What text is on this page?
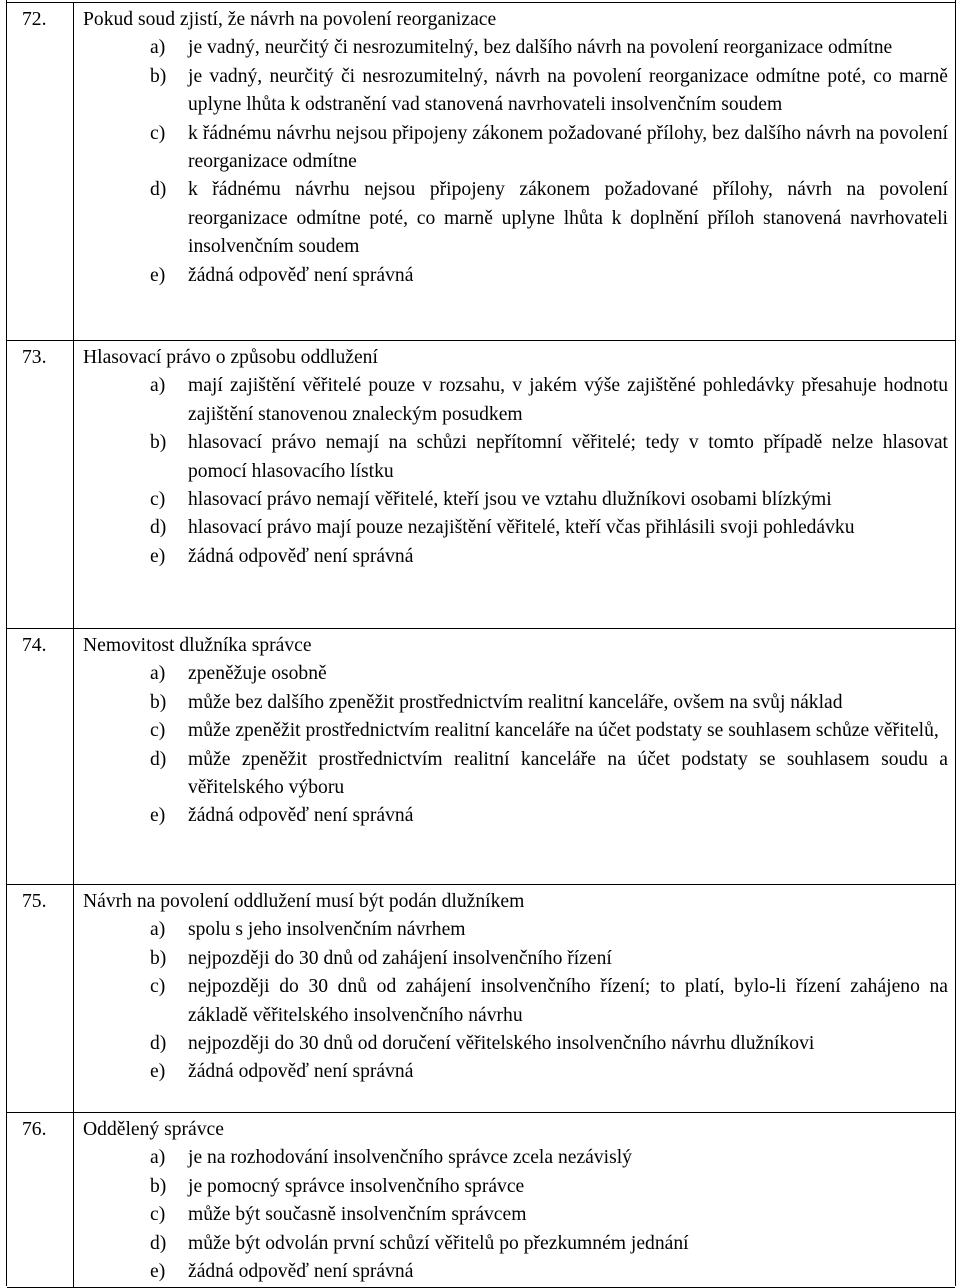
72. Pokud soud zjistí, že návrh na povolení reorganizace
a)	je vadný, neurčitý či nesrozumitelný, bez dalšího návrh na povolení reorganizace odmítne
b)	je vadný, neurčitý či nesrozumitelný, návrh na povolení reorganizace odmítne poté, co marně uplyne lhůta k odstranění vad stanovená navrhovateli insolvenčním soudem
c)	k řádnému návrhu nejsou připojeny zákonem požadované přílohy, bez dalšího návrh na povolení reorganizace odmítne
d)	k řádnému návrhu nejsou připojeny zákonem požadované přílohy, návrh na povolení reorganizace odmítne poté, co marně uplyne lhůta k doplnění příloh stanovená navrhovateli insolvenčním soudem
e)	žádná odpověď není správná
73. Hlasovací právo o způsobu oddlužení
a)	mají zajištění věřitelé pouze v rozsahu, v jakém výše zajištěné pohledávky přesahuje hodnotu zajištění stanovenou znaleckým posudkem
b)	hlasovací právo nemají na schůzi nepřítomní věřitelé; tedy v tomto případě nelze hlasovat pomocí hlasovacího lístku
c)	hlasovací právo nemají věřitelé, kteří jsou ve vztahu dlužníkovi osobami blízkými
d)	hlasovací právo mají pouze nezajištění věřitelé, kteří včas přihlásili svoji pohledávku
e)	žádná odpověď není správná
74. Nemovitost dlužníka správce
a)	zpeněžuje osobně
b)	může bez dalšího zpeněžit prostřednictvím realitní kanceláře, ovšem na svůj náklad
c)	může zpeněžit prostřednictvím realitní kanceláře na účet podstaty se souhlasem schůze věřitelů,
d)	může zpeněžit prostřednictvím realitní kanceláře na účet podstaty se souhlasem soudu a věřitelského výboru
e)	žádná odpověď není správná
75. Návrh na povolení oddlužení musí být podán dlužníkem
a)	spolu s jeho insolvenčním návrhem
b)	nejpozději do 30 dnů od zahájení insolvenčního řízení
c)	nejpozději do 30 dnů od zahájení insolvenčního řízení; to platí, bylo-li řízení zahájeno na základě věřitelského insolvenčního návrhu
d)	nejpozději do 30 dnů od doručení věřitelského insolvenčního návrhu dlužníkovi
e)	žádná odpověď není správná
76. Oddělený správce
a)	je na rozhodování insolvenčního správce zcela nezávislý
b)	je pomocný správce insolvenčního správce
c)	může být současně insolvenčním správcem
d)	může být odvolán první schůzí věřitelů po přezkumném jednání
e)	žádná odpověď není správná
